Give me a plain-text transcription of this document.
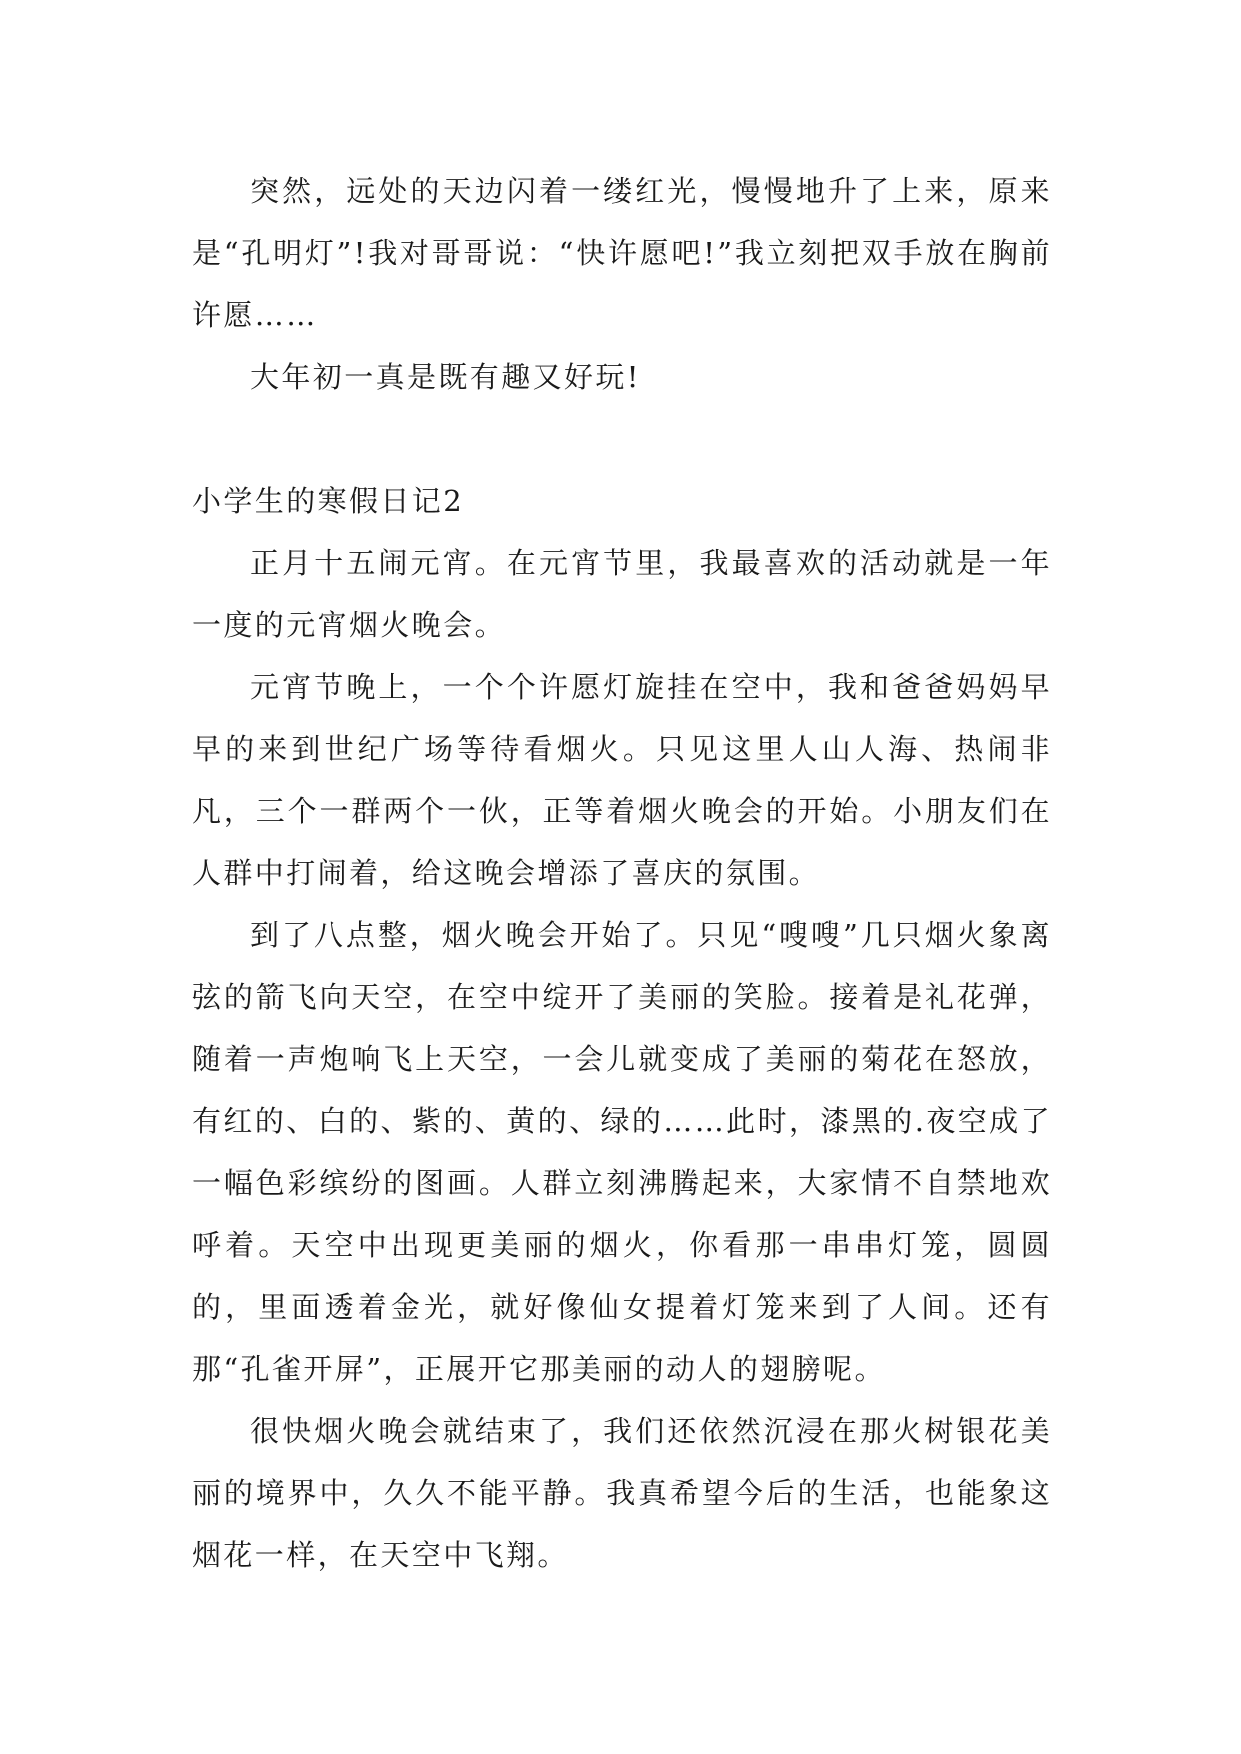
突然，远处的天边闪着一缕红光，慢慢地升了上来，原来是“孔明灯”!我对哥哥说：“快许愿吧!”我立刻把双手放在胸前许愿……

大年初一真是既有趣又好玩!

小学生的寒假日记2

正月十五闹元宵。在元宵节里，我最喜欢的活动就是一年一度的元宵烟火晚会。

元宵节晚上，一个个许愿灯旋挂在空中，我和爸爸妈妈早早的来到世纪广场等待看烟火。只见这里人山人海、热闹非凡，三个一群两个一伙，正等着烟火晚会的开始。小朋友们在人群中打闹着，给这晚会增添了喜庆的氛围。

到了八点整，烟火晚会开始了。只见“嗖嗖”几只烟火象离弦的箭飞向天空，在空中绽开了美丽的笑脸。接着是礼花弹，随着一声炮响飞上天空，一会儿就变成了美丽的菊花在怒放，有红的、白的、紫的、黄的、绿的……此时，漆黑的.夜空成了一幅色彩缤纷的图画。人群立刻沸腾起来，大家情不自禁地欢呼着。天空中出现更美丽的烟火，你看那一串串灯笼，圆圆的，里面透着金光，就好像仙女提着灯笼来到了人间。还有那“孔雀开屏”，正展开它那美丽的动人的翅膀呢。

很快烟火晚会就结束了，我们还依然沉浸在那火树银花美丽的境界中，久久不能平静。我真希望今后的生活，也能象这烟花一样，在天空中飞翔。
